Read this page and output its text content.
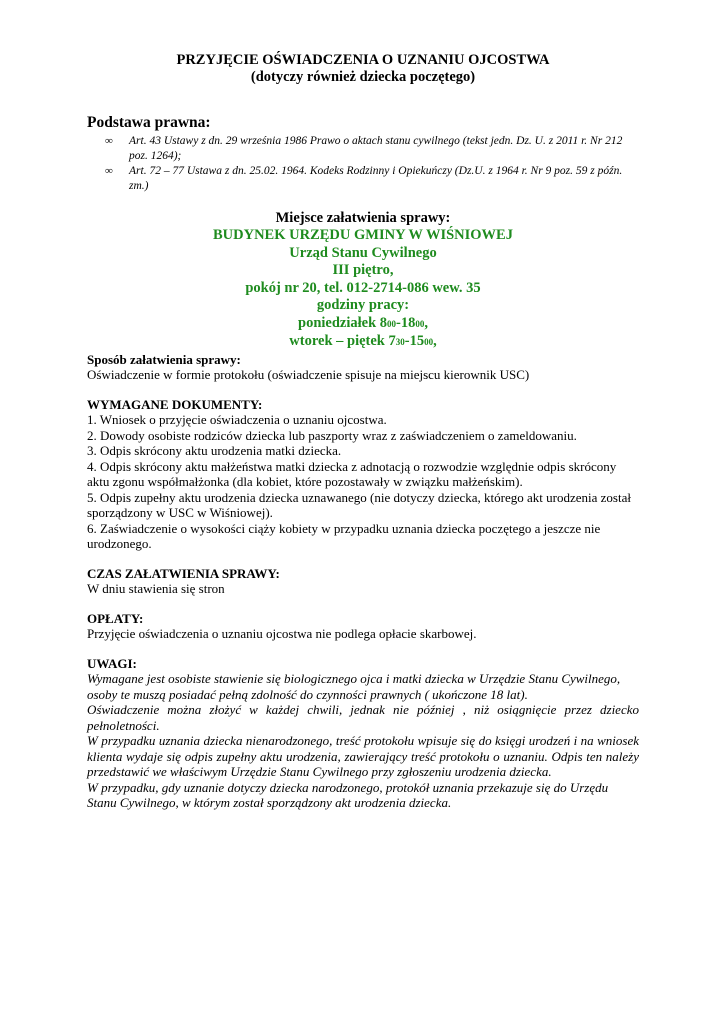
PRZYJĘCIE OŚWIADCZENIA O UZNANIU OJCOSTWA

(dotyczy również dziecka poczętego)

Podstawa prawna:

∞ Art. 43 Ustawy z dn. 29 września 1986 Prawo o aktach stanu cywilnego (tekst jedn. Dz. U. z 2011 r. Nr 212 poz. 1264);
∞ Art. 72 – 77 Ustawa z dn. 25.02. 1964. Kodeks Rodzinny i Opiekuńczy (Dz.U. z 1964 r. Nr 9 poz. 59 z późn. zm.)
Miejsce załatwienia sprawy:
BUDYNEK URZĘDU GMINY W WIŚNIOWEJ
Urząd Stanu Cywilnego
III piętro,
pokój nr 20, tel. 012-2714-086 wew. 35
godziny pracy:
poniedziałek 800-1800,
wtorek – piętek 730-1500,

Sposób załatwienia sprawy:

Oświadczenie w formie protokołu (oświadczenie spisuje na miejscu kierownik USC)

WYMAGANE DOKUMENTY:

1. Wniosek o przyjęcie oświadczenia o uznaniu ojcostwa.

2. Dowody osobiste rodziców dziecka lub paszporty wraz z zaświadczeniem o zameldowaniu.

3. Odpis skrócony aktu urodzenia matki dziecka.

4. Odpis skrócony aktu małżeństwa matki dziecka z adnotacją o rozwodzie względnie odpis skrócony aktu zgonu współmałżonka (dla kobiet, które pozostawały w związku małżeńskim).

5. Odpis zupełny aktu urodzenia dziecka uznawanego (nie dotyczy dziecka, którego akt urodzenia został sporządzony w USC w Wiśniowej).

6. Zaświadczenie o wysokości ciąży kobiety w przypadku uznania dziecka poczętego a jeszcze nie urodzonego.

CZAS ZAŁATWIENIA SPRAWY:

W dniu stawienia się stron

OPŁATY:

Przyjęcie oświadczenia o uznaniu ojcostwa nie podlega opłacie skarbowej.

UWAGI:

Wymagane jest osobiste stawienie się biologicznego ojca i matki dziecka w Urzędzie Stanu Cywilnego, osoby te muszą posiadać pełną zdolność do czynności prawnych ( ukończone 18 lat).

Oświadczenie można złożyć w każdej chwili, jednak nie później , niż osiągnięcie przez dziecko pełnoletności.

W przypadku uznania dziecka nienarodzonego, treść protokołu wpisuje się do księgi urodzeń i na wniosek klienta wydaje się odpis zupełny aktu urodzenia, zawierający treść protokołu o uznaniu. Odpis ten należy przedstawić we właściwym Urzędzie Stanu Cywilnego przy zgłoszeniu urodzenia dziecka.

W przypadku, gdy uznanie dotyczy dziecka narodzonego, protokół uznania przekazuje się do Urzędu Stanu Cywilnego, w którym został sporządzony akt urodzenia dziecka.
